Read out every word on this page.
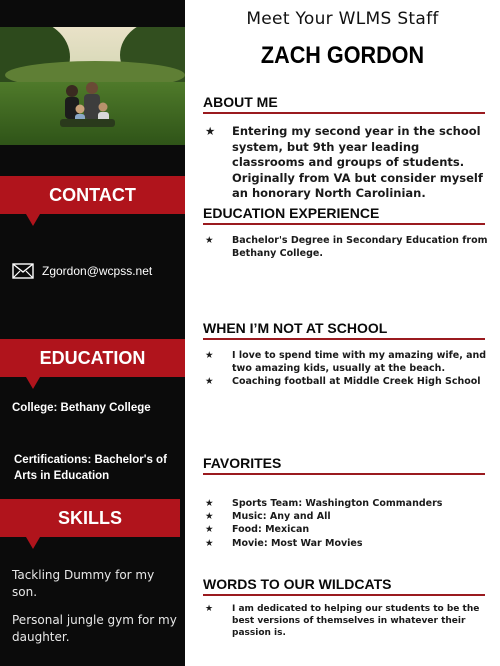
CONTACT
Zgordon@wcpss.net
EDUCATION
College: Bethany College
Certifications: Bachelor's of Arts in Education
SKILLS
Tackling Dummy for my son.
Personal jungle gym for my daughter.
Meet Your WLMS Staff
ZACH GORDON
ABOUT ME
★ Entering my second year in the school system, but 9th year leading classrooms and groups of students. Originally from VA but consider myself an honorary North Carolinian.
EDUCATION EXPERIENCE
★ Bachelor's Degree in Secondary Education from Bethany College.
WHEN I’M NOT AT SCHOOL
★ I love to spend time with my amazing wife, and two amazing kids, usually at the beach.
★ Coaching football at Middle Creek High School
FAVORITES
★ Sports Team: Washington Commanders
★ Music: Any and All
★ Food: Mexican
★ Movie: Most War Movies
WORDS TO OUR WILDCATS
★ I am dedicated to helping our students to be the best versions of themselves in whatever their passion is.
